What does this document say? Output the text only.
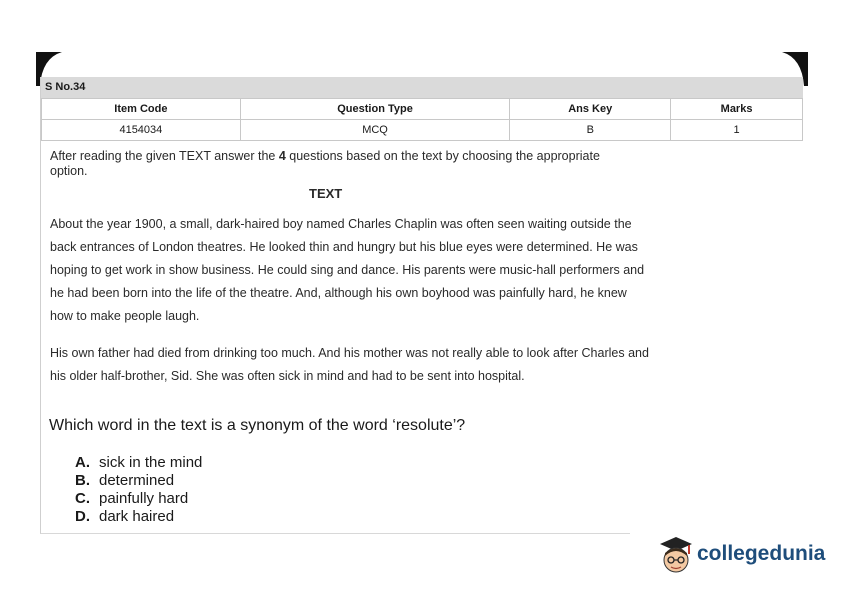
S No.34
Item Code	Question Type	Ans Key	Marks
4154034	MCQ	B	1
After reading the given TEXT answer the 4 questions based on the text by choosing the appropriate option.
TEXT
About the year 1900, a small, dark-haired boy named Charles Chaplin was often seen waiting outside the back entrances of London theatres. He looked thin and hungry but his blue eyes were determined. He was hoping to get work in show business. He could sing and dance. His parents were music-hall performers and he had been born into the life of the theatre. And, although his own boyhood was painfully hard, he knew how to make people laugh.
His own father had died from drinking too much. And his mother was not really able to look after Charles and his older half-brother, Sid. She was often sick in mind and had to be sent into hospital.
Which word in the text is a synonym of the word ‘resolute’?
A. sick in the mind
B. determined
C. painfully hard
D. dark haired
collegedunia
